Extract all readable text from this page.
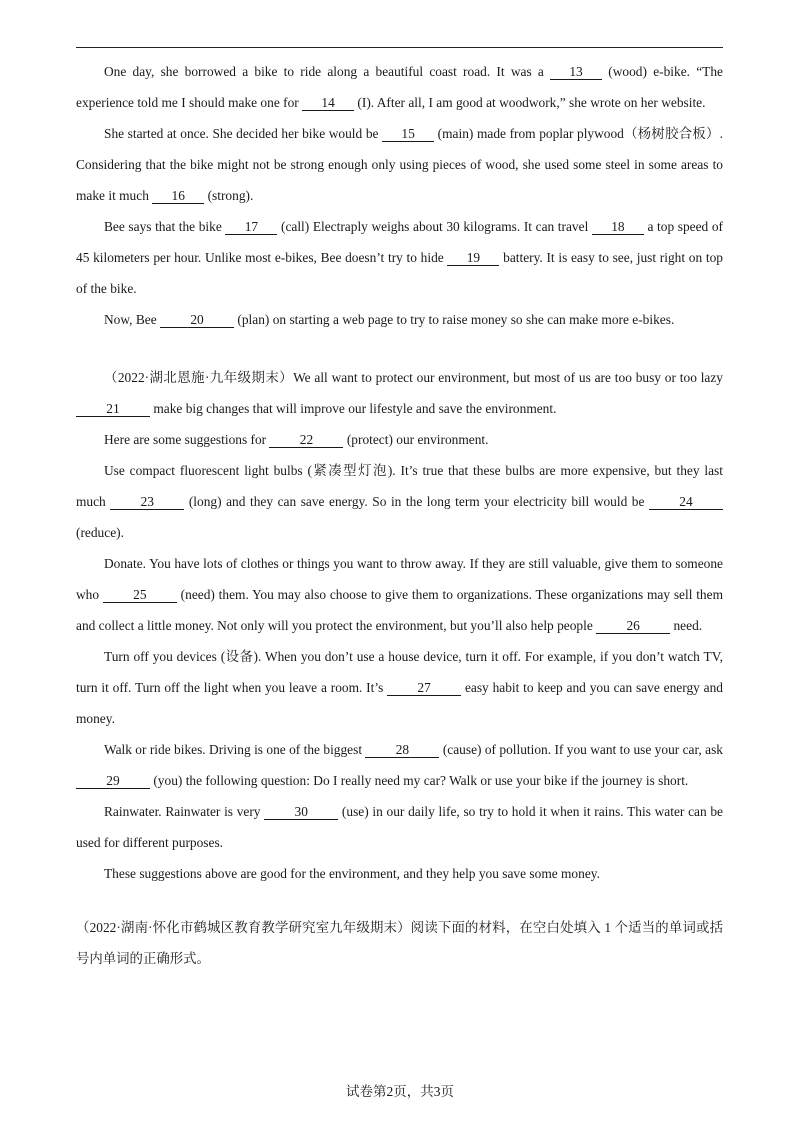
One day, she borrowed a bike to ride along a beautiful coast road. It was a 13 (wood) e-bike. “The experience told me I should make one for 14 (I). After all, I am good at woodwork,” she wrote on her website.

She started at once. She decided her bike would be 15 (main) made from poplar plywood（杨树胶合板）. Considering that the bike might not be strong enough only using pieces of wood, she used some steel in some areas to make it much 16 (strong).

Bee says that the bike 17 (call) Electraply weighs about 30 kilograms. It can travel 18 a top speed of 45 kilometers per hour. Unlike most e-bikes, Bee doesn’t try to hide 19 battery. It is easy to see, just right on top of the bike.

Now, Bee 20 (plan) on starting a web page to try to raise money so she can make more e-bikes.

（2022·湖北恩施·九年级期末）We all want to protect our environment, but most of us are too busy or too lazy 21 make big changes that will improve our lifestyle and save the environment.

Here are some suggestions for 22 (protect) our environment.

Use compact fluorescent light bulbs (紧凑型灯泡). It’s true that these bulbs are more expensive, but they last much 23 (long) and they can save energy. So in the long term your electricity bill would be 24 (reduce).

Donate. You have lots of clothes or things you want to throw away. If they are still valuable, give them to someone who 25 (need) them. You may also choose to give them to organizations. These organizations may sell them and collect a little money. Not only will you protect the environment, but you’ll also help people 26 need.

Turn off you devices (设备). When you don’t use a house device, turn it off. For example, if you don’t watch TV, turn it off. Turn off the light when you leave a room. It’s 27 easy habit to keep and you can save energy and money.

Walk or ride bikes. Driving is one of the biggest 28 (cause) of pollution. If you want to use your car, ask 29 (you) the following question: Do I really need my car? Walk or use your bike if the journey is short.

Rainwater. Rainwater is very 30 (use) in our daily life, so try to hold it when it rains. This water can be used for different purposes.

These suggestions above are good for the environment, and they help you save some money.

（2022·湖南·怀化市鹤城区教育教学研究室九年级期末）阅读下面的材料，在空白处填入 1 个适当的单词或括号内单词的正确形式。

试卷第2页，共3页
